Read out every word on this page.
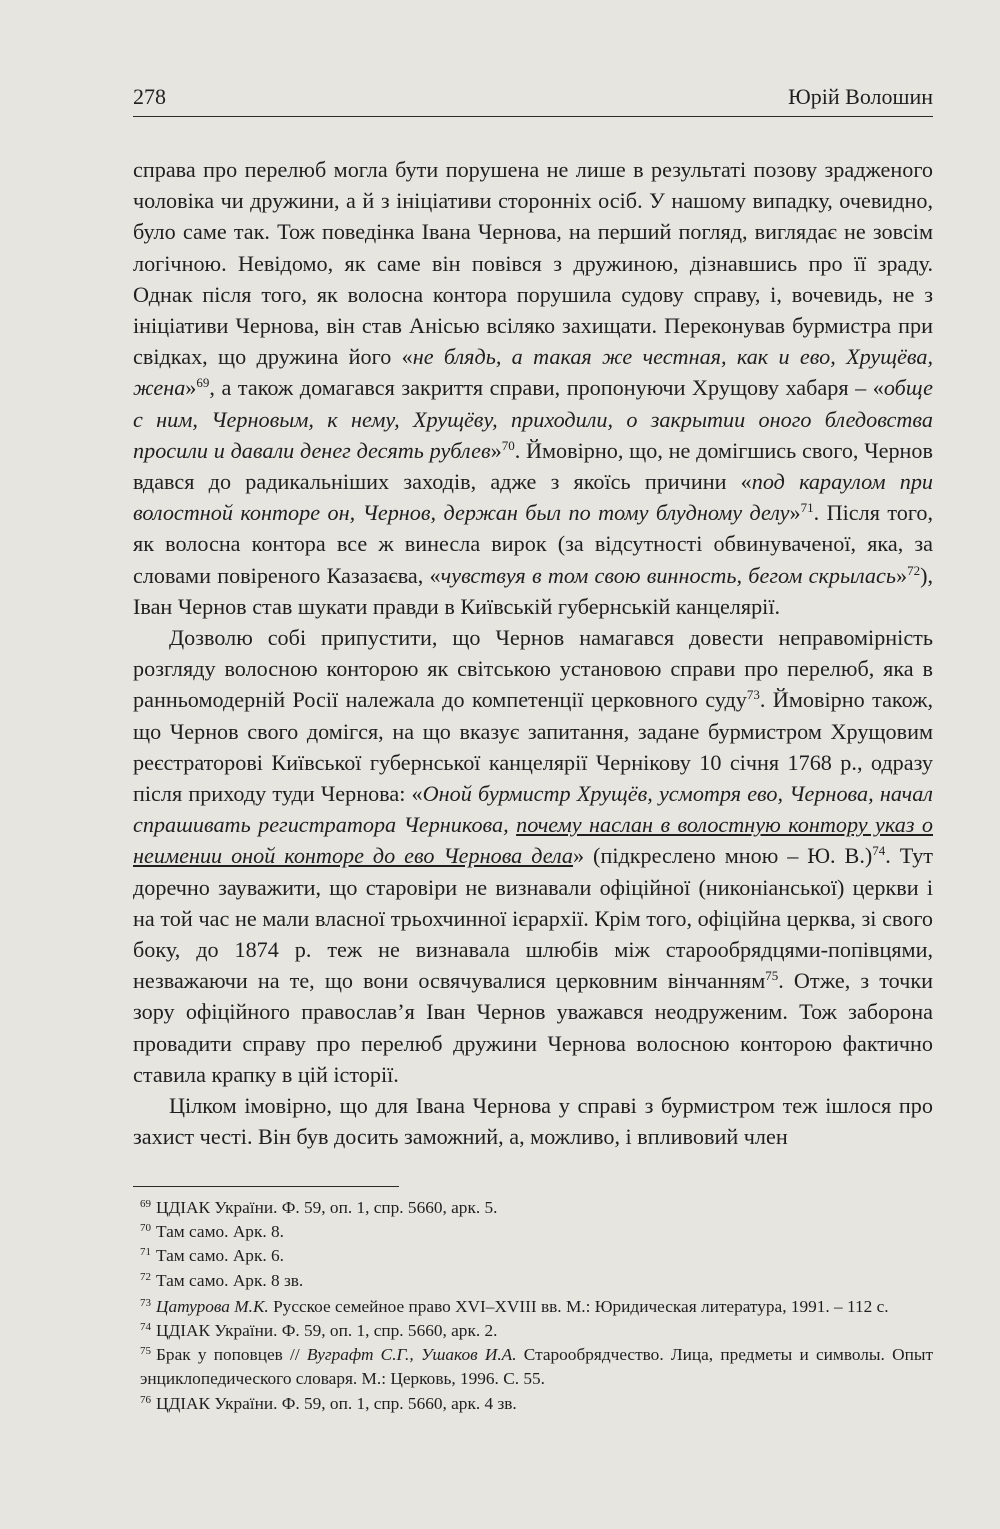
278	Юрій Волошин

справа про перелюб могла бути порушена не лише в результаті позову зрадженого чоловіка чи дружини, а й з ініціативи сторонніх осіб. У нашому випадку, очевидно, було саме так. Тож поведінка Івана Чернова, на перший погляд, виглядає не зовсім логічною. Невідомо, як саме він повівся з дружиною, дізнавшись про її зраду. Однак після того, як волосна контора порушила судову справу, і, вочевидь, не з ініціативи Чернова, він став Анісью всіляко захищати. Переконував бурмистра при свідках, що дружина його «не блядь, а такая же честная, как и ево, Хрущёва, жена»$^{69}$, а також домагався закриття справи, пропонуючи Хрущову хабаря – «обще с ним, Черновым, к нему, Хрущёву, приходили, о закрытии оного бледовства просили и давали денег десять рублев»$^{70}$. Ймовірно, що, не домігшись свого, Чернов вдався до радикальніших заходів, адже з якоїсь причини «под караулом при волостной конторе он, Чернов, держан был по тому блудному делу»$^{71}$. Після того, як волосна контора все ж винесла вирок (за відсутності обвинуваченої, яка, за словами повіреного Казазаєва, «чувствуя в том свою винность, бегом скрылась»$^{72}$), Іван Чернов став шукати правди в Київській губернській канцелярії.

Дозволю собі припустити, що Чернов намагався довести неправомірність розгляду волосною конторою як світською установою справи про перелюб, яка в ранньомодерній Росії належала до компетенції церковного суду$^{73}$. Ймовірно також, що Чернов свого домігся, на що вказує запитання, задане бурмистром Хрущовим реєстраторові Київської губернської канцелярії Чернікову 10 січня 1768 р., одразу після приходу туди Чернова: «Оной бурмистр Хрущёв, усмотря ево, Чернова, начал спрашивать регистратора Черникова, почему наслан в волостную контору указ о неимении оной конторе до ево Чернова дела» (підкреслено мною – Ю. В.)$^{74}$. Тут доречно зауважити, що старовіри не визнавали офіційної (никоніанської) церкви і на той час не мали власної трьохчинної ієрархії. Крім того, офіційна церква, зі свого боку, до 1874 р. теж не визнавала шлюбів між старообрядцями-попівцями, незважаючи на те, що вони освячувалися церковним вінчанням$^{75}$. Отже, з точки зору офіційного православ’я Іван Чернов уважався неодруженим. Тож заборона провадити справу про перелюб дружини Чернова волосною конторою фактично ставила крапку в цій історії.

Цілком імовірно, що для Івана Чернова у справі з бурмистром теж ішлося про захист честі. Він був досить заможний, а, можливо, і впливовий член

$^{69}$ ЦДІАК України. Ф. 59, оп. 1, спр. 5660, арк. 5.

$^{70}$ Там само. Арк. 8.

$^{71}$ Там само. Арк. 6.

$^{72}$ Там само. Арк. 8 зв.

$^{73}$ Цатурова М.К. Русское семейное право XVI–XVIII вв. М.: Юридическая литература, 1991. – 112 с.

$^{74}$ ЦДІАК України. Ф. 59, оп. 1, спр. 5660, арк. 2.

$^{75}$ Брак у поповцев // Вуграфт С.Г., Ушаков И.А. Старообрядчество. Лица, предметы и символы. Опыт энциклопедического словаря. М.: Церковь, 1996. С. 55.

$^{76}$ ЦДІАК України. Ф. 59, оп. 1, спр. 5660, арк. 4 зв.
